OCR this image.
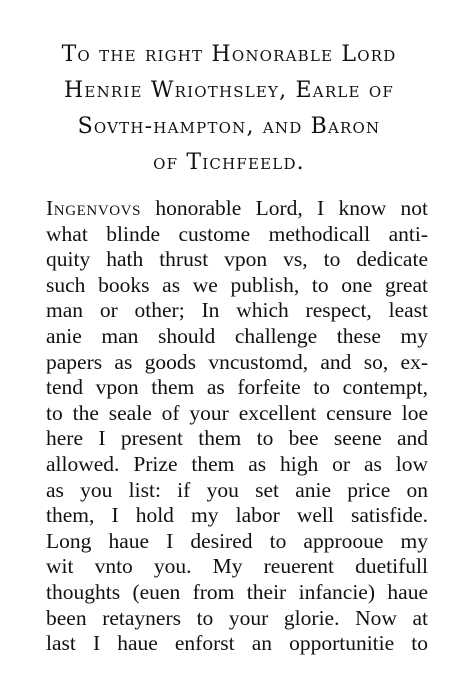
To the right Honorable Lord
Henrie Wriothsley, Earle of
Sovth-hampton, and Baron
of Tichfeeld.
Ingenvovs honorable Lord, I know not
what blinde custome methodicall anti-
quity hath thrust vpon vs, to dedicate
such books as we publish, to one great
man or other; In which respect, least
anie man should challenge these my
papers as goods vncustomd, and so, ex-
tend vpon them as forfeite to contempt,
to the seale of your excellent censure loe
here I present them to bee seene and
allowed. Prize them as high or as low
as you list: if you set anie price on
them, I hold my labor well satisfide.
Long haue I desired to approoue my
wit vnto you. My reuerent duetifull
thoughts (euen from their infancie) haue
been retayners to your glorie. Now at
last I haue enforst an opportunitie to
